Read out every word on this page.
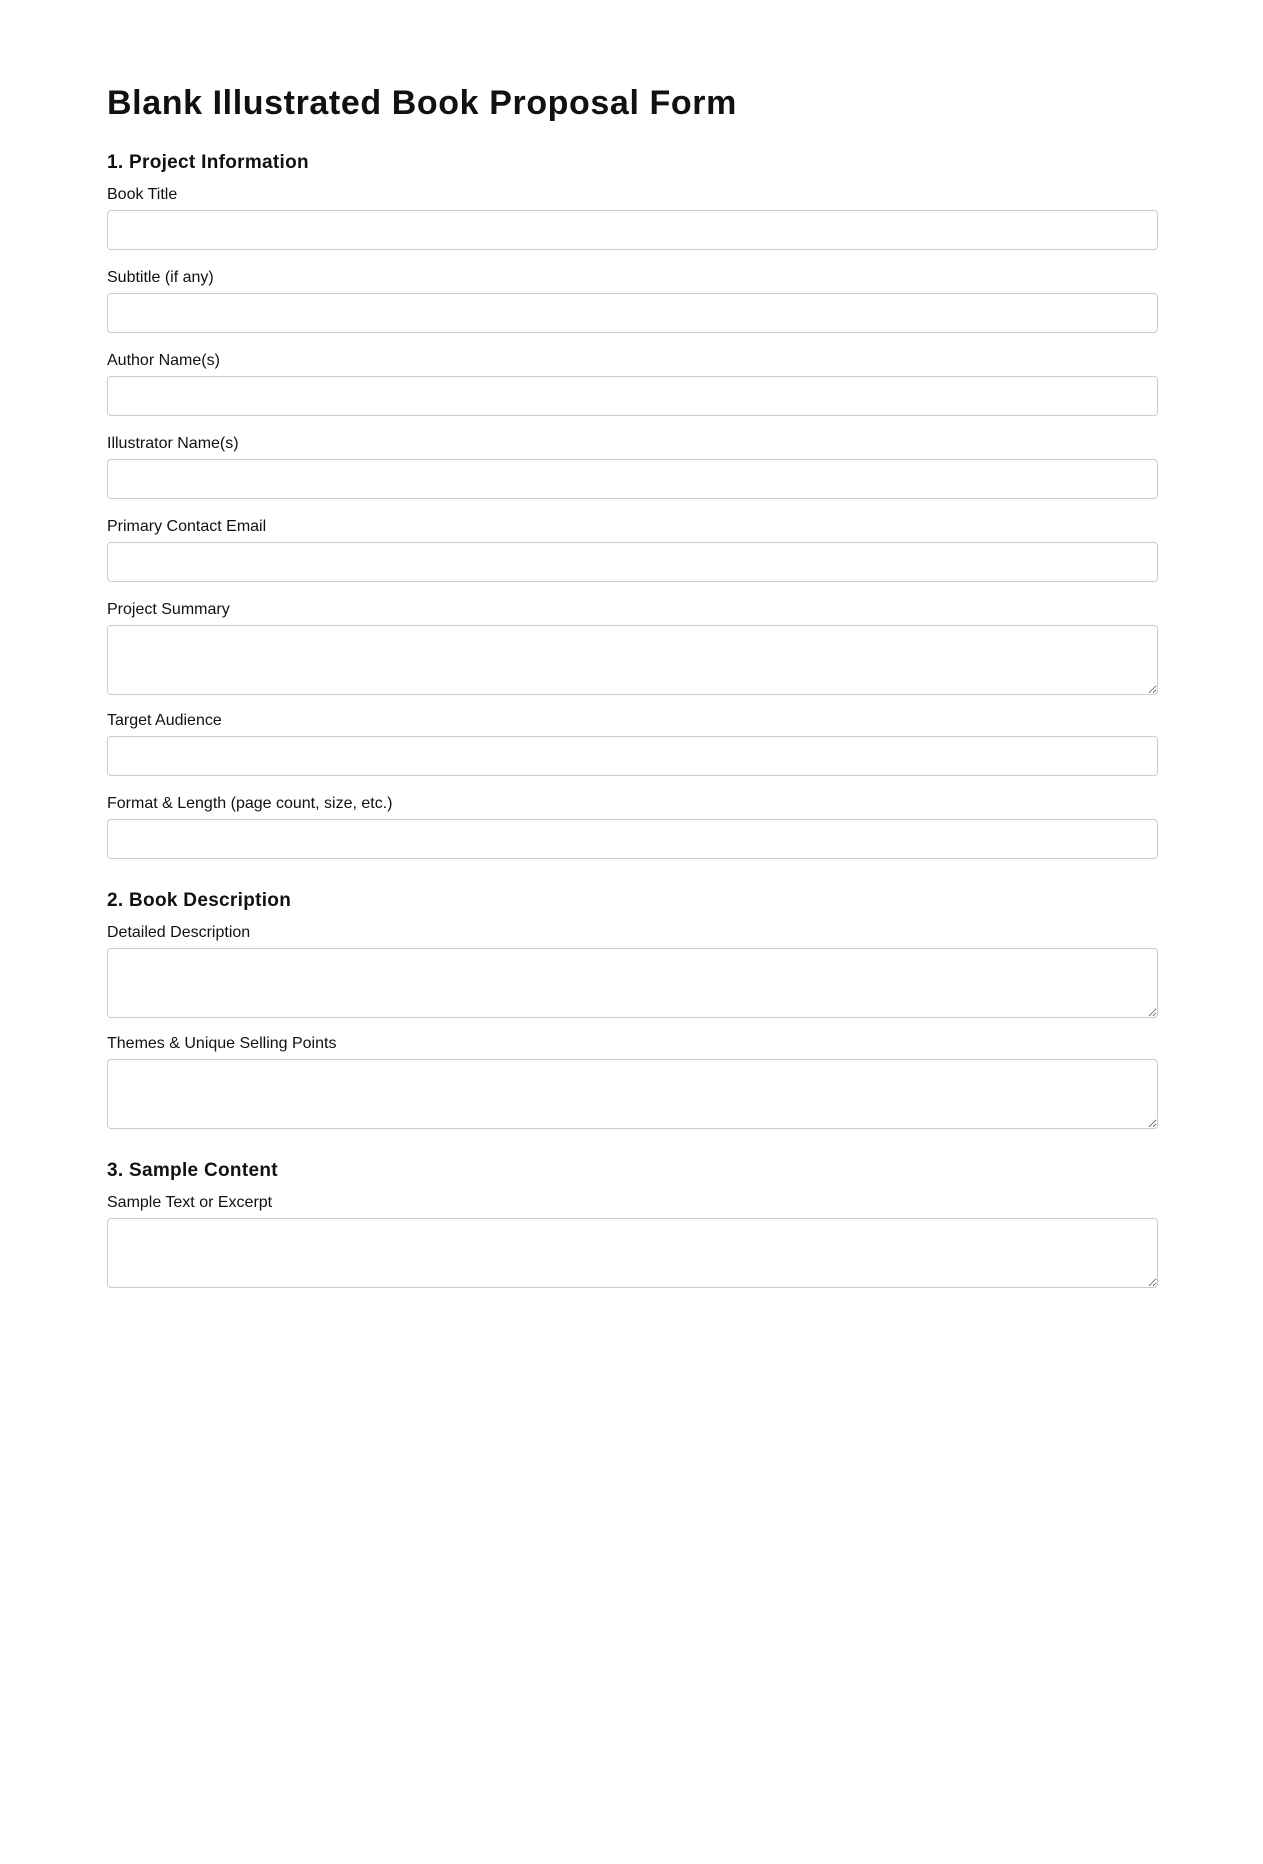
Blank Illustrated Book Proposal Form
1. Project Information
Book Title
Subtitle (if any)
Author Name(s)
Illustrator Name(s)
Primary Contact Email
Project Summary
Target Audience
Format & Length (page count, size, etc.)
2. Book Description
Detailed Description
Themes & Unique Selling Points
3. Sample Content
Sample Text or Excerpt
